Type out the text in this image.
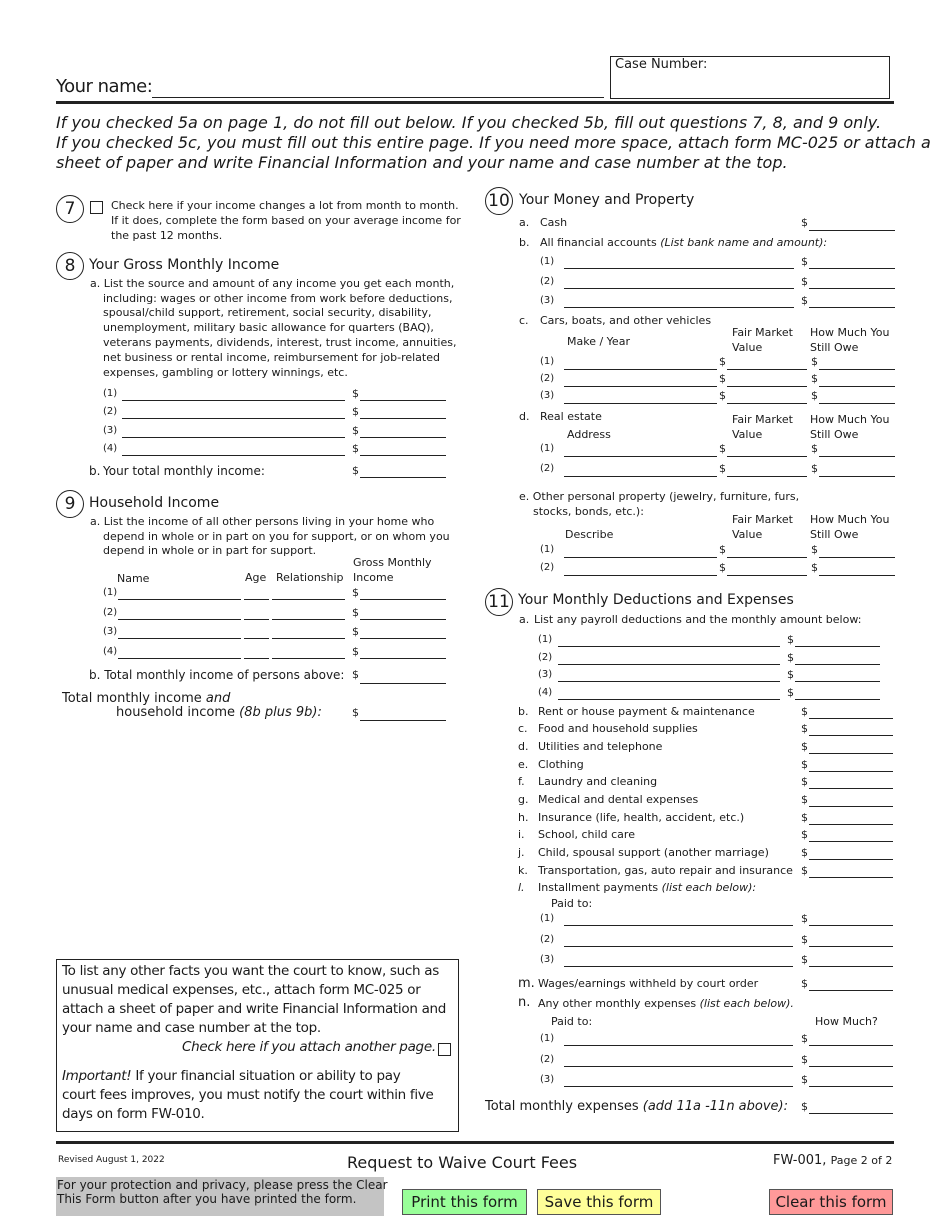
Your name:
Case Number:
If you checked 5a on page 1, do not fill out below. If you checked 5b, fill out questions 7, 8, and 9 only.
If you checked 5c, you must fill out this entire page. If you need more space, attach form MC-025 or attach a
sheet of paper and write Financial Information and your name and case number at the top.
7	Check here if your income changes a lot from month to month.
If it does, complete the form based on your average income for
the past 12 months.
8 Your Gross Monthly Income
a. List the source and amount of any income you get each month,
including: wages or other income from work before deductions,
spousal/child support, retirement, social security, disability,
unemployment, military basic allowance for quarters (BAQ),
veterans payments, dividends, interest, trust income, annuities,
net business or rental income, reimbursement for job-related
expenses, gambling or lottery winnings, etc.
(1)	$
(2)	$
(3)	$
(4)	$
b. Your total monthly income:	$
9 Household Income
a. List the income of all other persons living in your home who
depend in whole or in part on you for support, or on whom you
depend in whole or in part for support.
Name	Age Relationship
Gross Monthly
Income
(1)	$
(2)	$
(3)	$
(4)	$
b. Total monthly income of persons above: $
Total monthly income and
household income (8b plus 9b):	$
To list any other facts you want the court to know, such as
unusual medical expenses, etc., attach form MC-025 or
attach a sheet of paper and write Financial Information and
your name and case number at the top.
Check here if you attach another page.
Important! If your financial situation or ability to pay
court fees improves, you must notify the court within five
days on form FW-010.
10 Your Money and Property
a. Cash	$
b. All financial accounts (List bank name and amount):
(1)	$
(2)	$
(3)	$
c. Cars, boats, and other vehicles
Fair Market
Value
How Much You
Still Owe
Make / Year
(1)	$	$
(2)	$	$
(3)	$	$
d. Real estate
Address
Fair Market
Value
How Much You
Still Owe
(1)	$	$
(2)	$	$
e. Other personal property (jewelry, furniture, furs,
stocks, bonds, etc.):
Fair Market
Value
How Much You
Still Owe
Describe
(1)	$	$
(2)	$	$
11 Your Monthly Deductions and Expenses
a. List any payroll deductions and the monthly amount below:
(1)	$
(2)	$
(3)	$
(4)	$
b. Rent or house payment & maintenance	$
c. Food and household supplies	$
d. Utilities and telephone	$
e. Clothing	$
f. Laundry and cleaning	$
g. Medical and dental expenses	$
h. Insurance (life, health, accident, etc.)	$
i. School, child care	$
j. Child, spousal support (another marriage)	$
k. Transportation, gas, auto repair and insurance $
l. Installment payments (list each below):
Paid to:
(1)	$
(2)	$
(3)	$
m. Wages/earnings withheld by court order	$
n. Any other monthly expenses (list each below).
Paid to:	How Much?
(1)	$
(2)	$
(3)	$
Total monthly expenses (add 11a -11n above): $
Revised August 1, 2022	Request to Waive Court Fees	FW-001, Page 2 of 2
For your protection and privacy, please press the Clear
This Form button after you have printed the form.	Print this form	Save this form	Clear this form
